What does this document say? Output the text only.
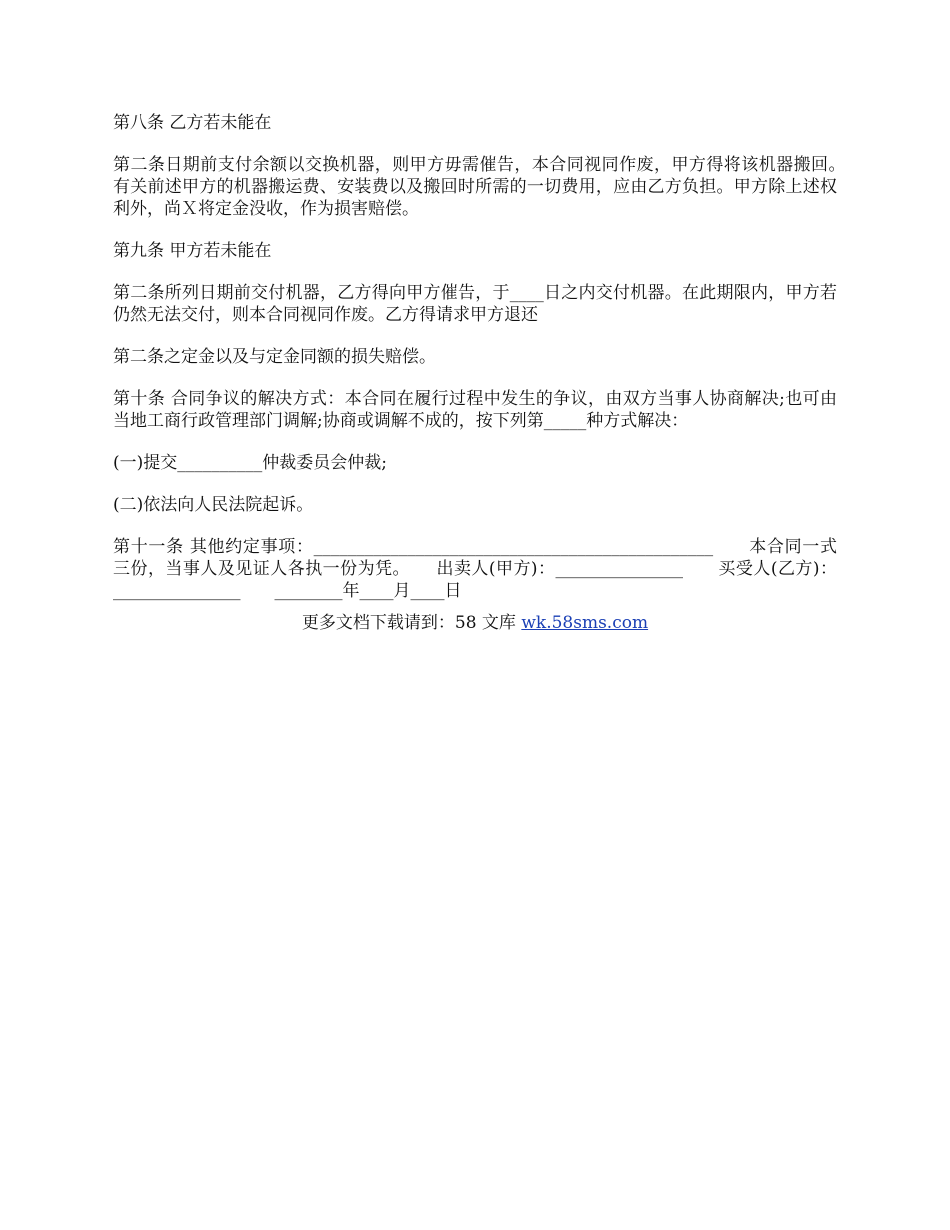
第八条 乙方若未能在

第二条日期前支付余额以交换机器，则甲方毋需催告，本合同视同作废，甲方得将该机器搬回。　　有关前述甲方的机器搬运费、安装费以及搬回时所需的一切费用，应由乙方负担。甲方除上述权利外，尚Ｘ将定金没收，作为损害赔偿。

第九条 甲方若未能在

第二条所列日期前交付机器，乙方得向甲方催告，于____日之内交付机器。在此期限内，甲方若仍然无法交付，则本合同视同作废。乙方得请求甲方退还

第二条之定金以及与定金同额的损失赔偿。

第十条 合同争议的解决方式：本合同在履行过程中发生的争议，由双方当事人协商解决;也可由当地工商行政管理部门调解;协商或调解不成的，按下列第_____种方式解决：

(一)提交__________仲裁委员会仲裁;

(二)依法向人民法院起诉。

第十一条 其他约定事项：_______________________________________________　　本合同一式三份，当事人及见证人各执一份为凭。　　出卖人(甲方)：_______________　　买受人(乙方)：_______________　　________年____月____日

更多文档下载请到：58 文库 wk.58sms.com
